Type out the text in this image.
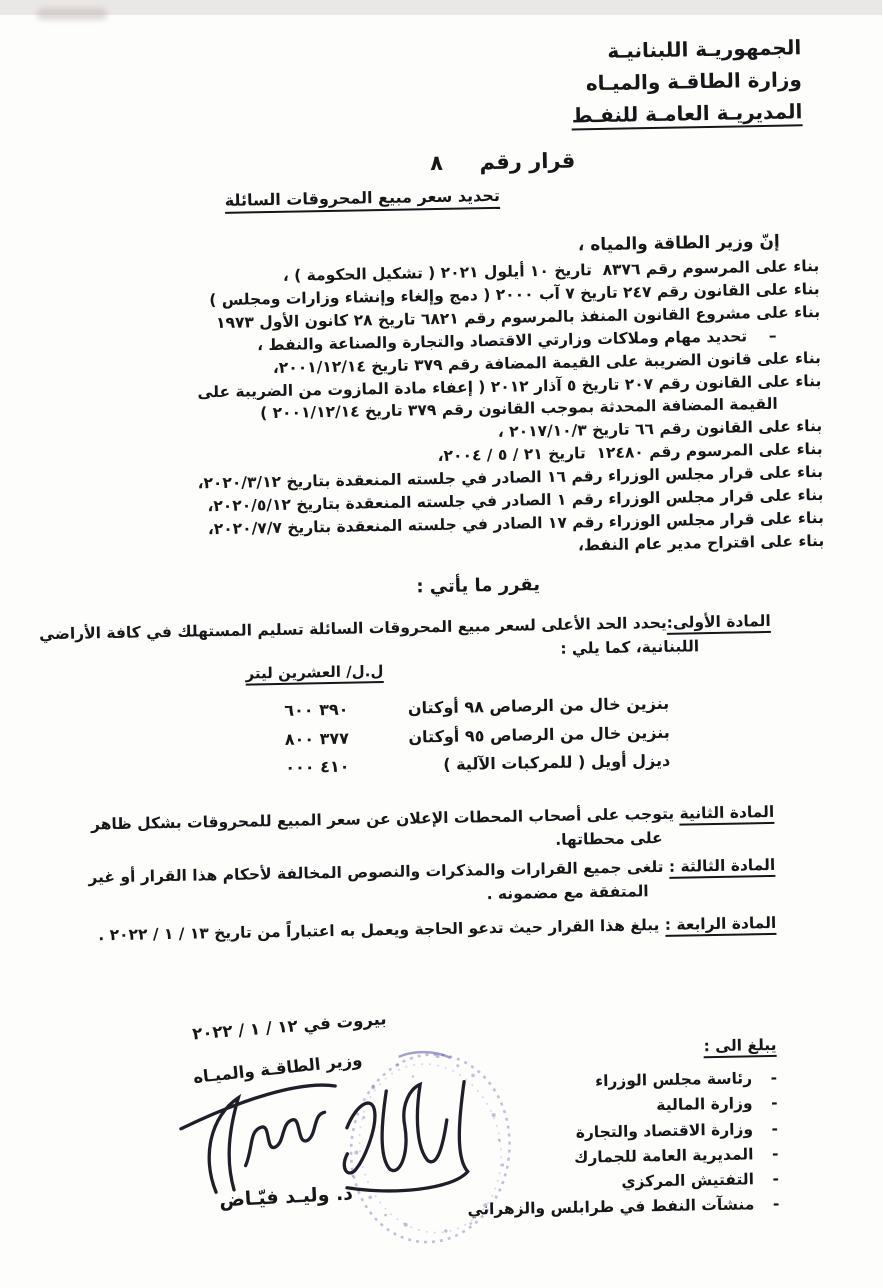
الجمهوريـة اللبنانيـة
وزارة الطاقـة والميـاه
المديريـة العامـة للنفـط
قرار رقم     ٨
تحديد سعر مبيع المحروقات السائلة
إنّ وزير الطاقة والمياه ،
بناء على المرسوم رقم ٨٣٧٦  تاريخ ١٠ أيلول ٢٠٢١ ( تشكيل الحكومة ) ،
بناء على القانون رقم ٢٤٧ تاريخ ٧ آب ٢٠٠٠ ( دمج وإلغاء وإنشاء وزارات ومجلس )
بناء على مشروع القانون المنفذ بالمرسوم رقم ٦٨٢١ تاريخ ٢٨ كانون الأول ١٩٧٣
–    تحديد مهام وملاكات وزارتي الاقتصاد والتجارة والصناعة والنفط ،
بناء على قانون الضريبة على القيمة المضافة رقم ٣٧٩ تاريخ ٢٠٠١/١٢/١٤،
بناء على القانون رقم ٢٠٧ تاريخ ٥ آذار ٢٠١٢ ( إعفاء مادة المازوت من الضريبة على
القيمة المضافة المحدثة بموجب القانون رقم ٣٧٩ تاريخ ٢٠٠١/١٢/١٤ )
بناء على القانون رقم ٦٦ تاريخ ٢٠١٧/١٠/٣ ،
بناء على المرسوم رقم ١٢٤٨٠  تاريخ ٢١ / ٥ / ٢٠٠٤،
بناء على قرار مجلس الوزراء رقم ١٦ الصادر في جلسته المنعقدة بتاريخ ٢٠٢٠/٣/١٢،
بناء على قرار مجلس الوزراء رقم ١ الصادر في جلسته المنعقدة بتاريخ ٢٠٢٠/٥/١٢،
بناء على قرار مجلس الوزراء رقم ١٧ الصادر في جلسته المنعقدة بتاريخ ٢٠٢٠/٧/٧،
بناء على اقتراح مدير عام النفط،
يقرر ما يأتي :
المادة الأولى:يحدد الحد الأعلى لسعر مبيع المحروقات السائلة تسليم المستهلك في كافة الأراضي
اللبنانية، كما يلي :
ل.ل/ العشرين ليتر
بنزين خال من الرصاص ٩٨ أوكتان
٣٩٠ ٦٠٠
بنزين خال من الرصاص ٩٥ أوكتان
٣٧٧ ٨٠٠
ديزل أويل ( للمركبات الآلية )
٤١٠ ٠٠٠
المادة الثانية يتوجب على أصحاب المحطات الإعلان عن سعر المبيع للمحروقات بشكل ظاهر
على محطاتها.
المادة الثالثة : تلغى جميع القرارات والمذكرات والنصوص المخالفة لأحكام هذا القرار أو غير
المتفقة مع مضمونه .
المادة الرابعة : يبلغ هذا القرار حيث تدعو الحاجة ويعمل به اعتباراً من تاريخ ١٣ / ١ / ٢٠٢٢ .
بيروت في ١٢ / ١ / ٢٠٢٢
وزير الطاقـة والميـاه
د. وليـد فيّـاض
يبلغ الى :
-
رئاسة مجلس الوزراء
-
وزارة المالية
-
وزارة الاقتصاد والتجارة
-
المديرية العامة للجمارك
-
التفتيش المركزي
-
منشآت النفط في طرابلس والزهراني
